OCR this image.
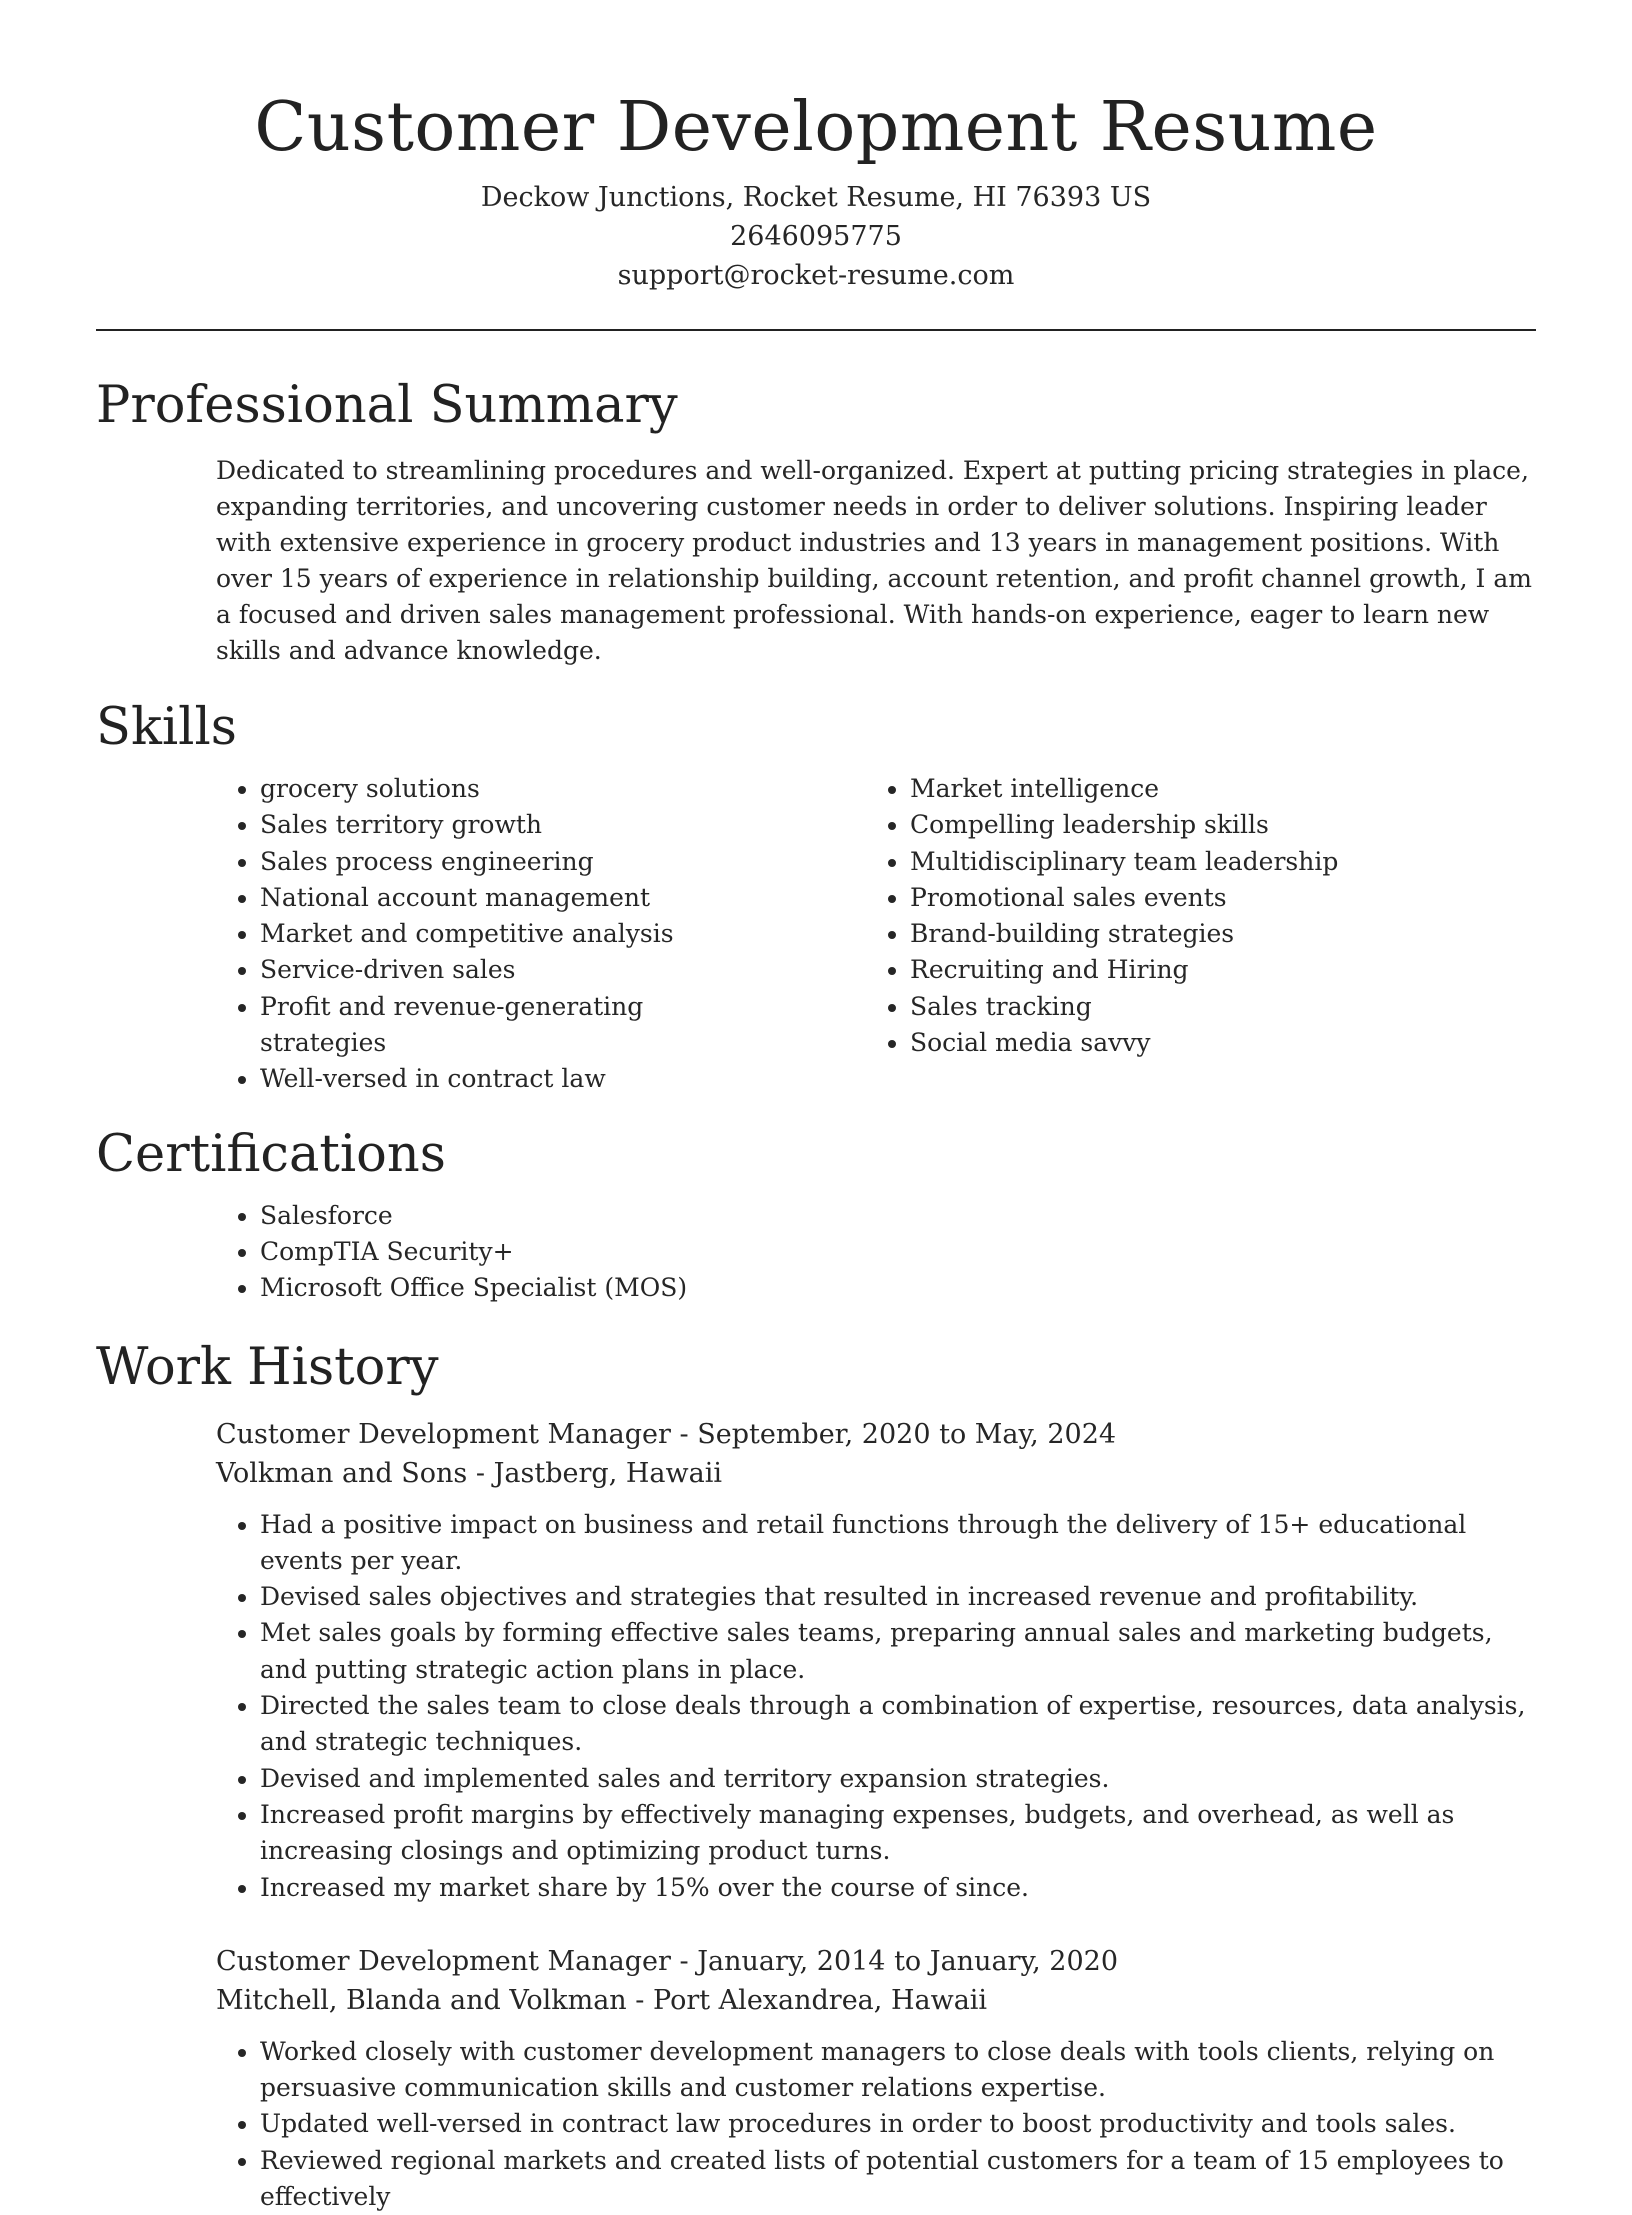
Customer Development Resume
Deckow Junctions, Rocket Resume, HI 76393 US
2646095775
support@rocket-resume.com
Professional Summary

Dedicated to streamlining procedures and well-organized. Expert at putting pricing strategies in place, expanding territories, and uncovering customer needs in order to deliver solutions. Inspiring leader with extensive experience in grocery product industries and 13 years in management positions. With over 15 years of experience in relationship building, account retention, and profit channel growth, I am a focused and driven sales management professional. With hands-on experience, eager to learn new skills and advance knowledge.

Skills
• grocery solutions
• Sales territory growth
• Sales process engineering
• National account management
• Market and competitive analysis
• Service-driven sales
• Profit and revenue-generating strategies
• Well-versed in contract law
• Market intelligence
• Compelling leadership skills
• Multidisciplinary team leadership
• Promotional sales events
• Brand-building strategies
• Recruiting and Hiring
• Sales tracking
• Social media savvy
Certifications
• Salesforce
• CompTIA Security+
• Microsoft Office Specialist (MOS)
Work History
Customer Development Manager - September, 2020 to May, 2024
Volkman and Sons - Jastberg, Hawaii
• Had a positive impact on business and retail functions through the delivery of 15+ educational events per year.
• Devised sales objectives and strategies that resulted in increased revenue and profitability.
• Met sales goals by forming effective sales teams, preparing annual sales and marketing budgets, and putting strategic action plans in place.
• Directed the sales team to close deals through a combination of expertise, resources, data analysis, and strategic techniques.
• Devised and implemented sales and territory expansion strategies.
• Increased profit margins by effectively managing expenses, budgets, and overhead, as well as increasing closings and optimizing product turns.
• Increased my market share by 15% over the course of since.
Customer Development Manager - January, 2014 to January, 2020
Mitchell, Blanda and Volkman - Port Alexandrea, Hawaii
• Worked closely with customer development managers to close deals with tools clients, relying on persuasive communication skills and customer relations expertise.
• Updated well-versed in contract law procedures in order to boost productivity and tools sales.
• Reviewed regional markets and created lists of potential customers for a team of 15 employees to effectively
